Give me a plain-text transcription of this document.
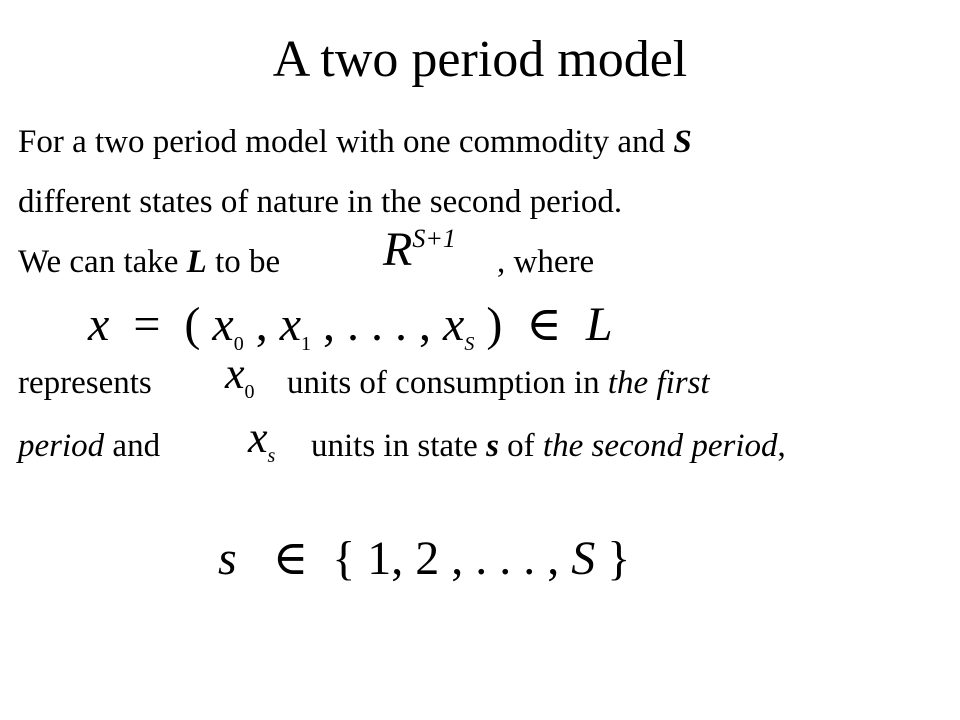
A two period model
For a two period model with one commodity and S
different states of nature in the second period.
We can take L to be $R^{S+1}$
, where
x = ( $x_0$ , $x_1$ , . . . , $x_S$ ) ∈ L
represents $x_0$ units of consumption in the first
period and $x_s$ units in state s of the second period,
s ∈ { 1, 2 , . . . , S }
